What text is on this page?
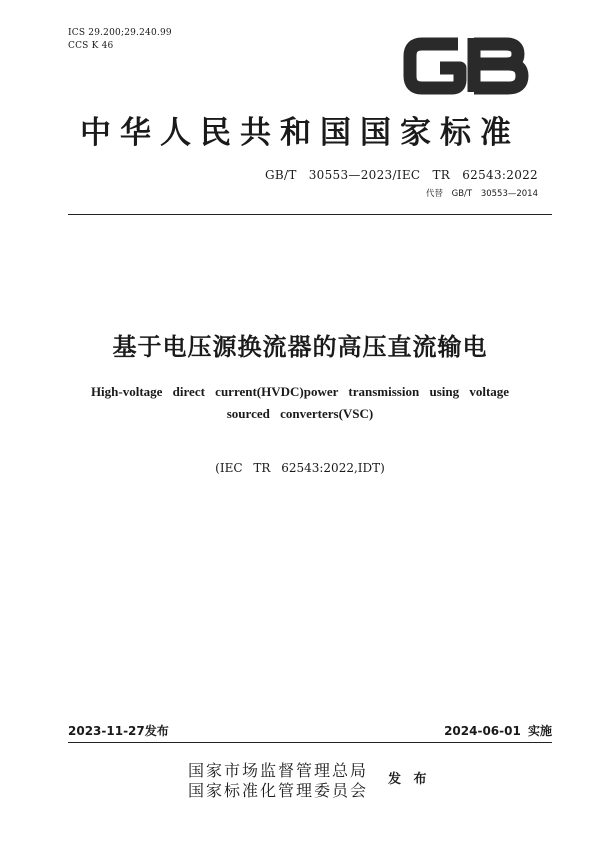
ICS 29.200;29.240.99
CCS K 46
中华人民共和国国家标准
GB/T 30553—2023/IEC TR 62543:2022
代替 GB/T 30553—2014
基于电压源换流器的高压直流输电
High-voltage direct current(HVDC)power transmission using voltage
sourced converters(VSC)
(IEC TR 62543:2022,IDT)
2023-11-27发布	2024-06-01 实施
国家市场监督管理总局
国家标准化管理委员会
发 布
